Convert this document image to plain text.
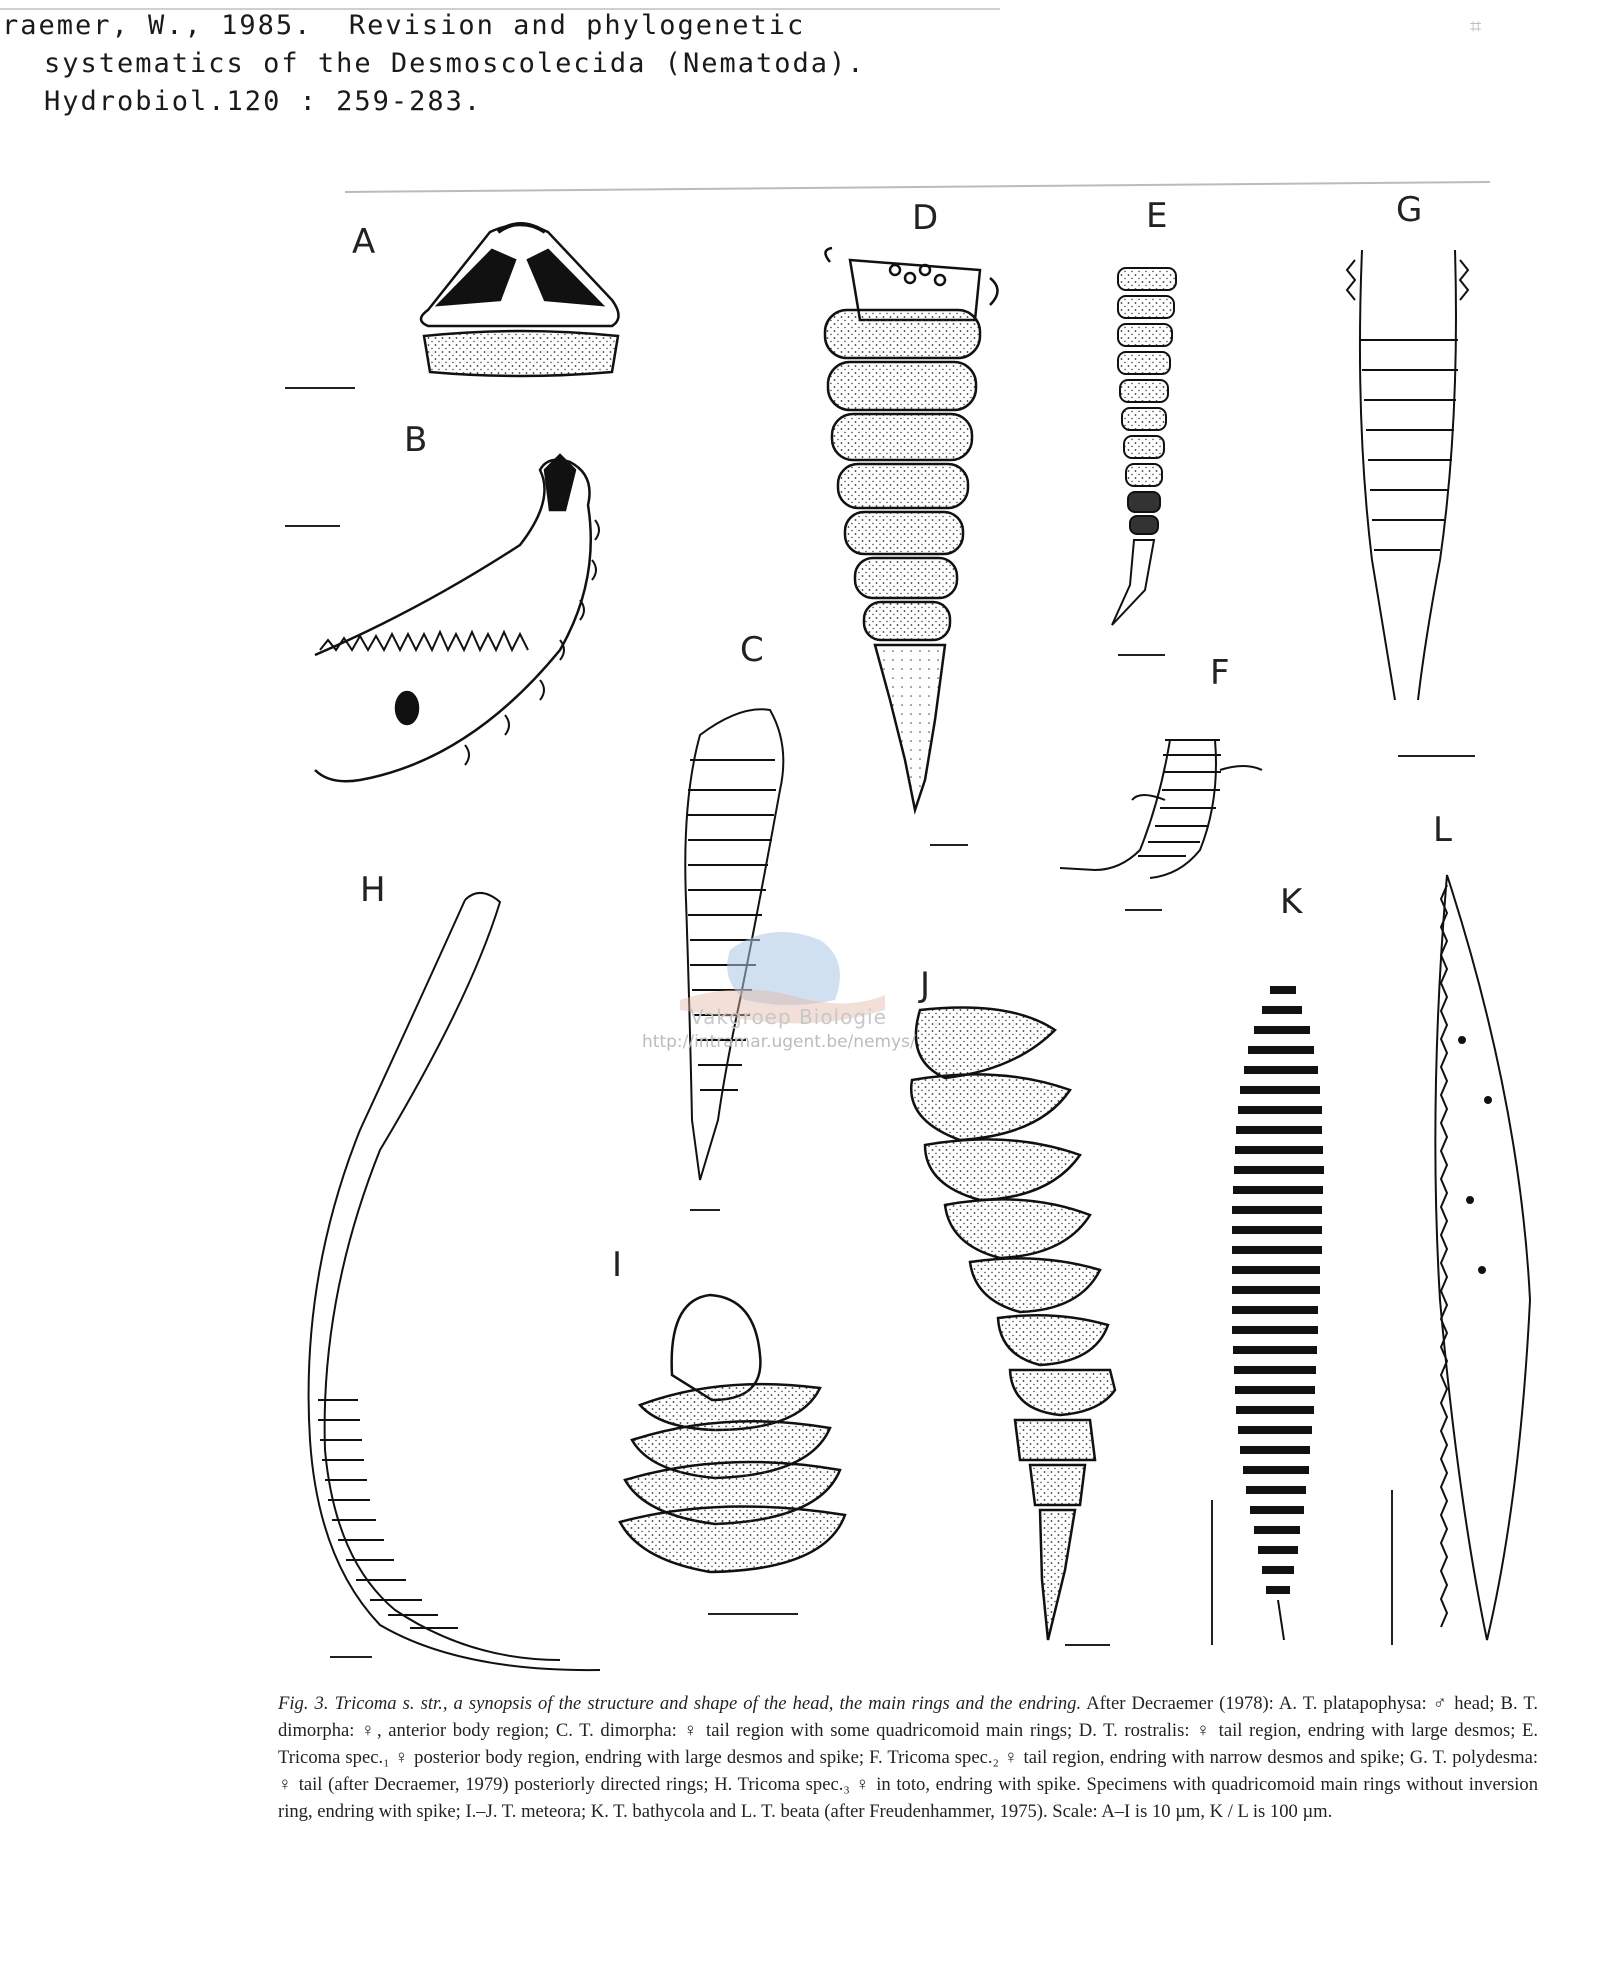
⌗
raemer, W., 1985.  Revision and phylogenetic
systematics of the Desmoscolecida (Nematoda).
Hydrobiol.120 : 259-283.
A
B
C
D	E
F
G
H
I
J
K
L
Vakgroep Biologie
http://intramar.ugent.be/nemys/
Fig. 3. Tricoma s. str., a synopsis of the structure and shape of the head, the main rings and the endring. After Decraemer (1978): A. T. platapophysa: ♂ head; B. T. dimorpha: ♀, anterior body region; C. T. dimorpha: ♀ tail region with some quadricomoid main rings; D. T. rostralis: ♀ tail region, endring with large desmos; E. Tricoma spec.₁ ♀ posterior body region, endring with large desmos and spike; F. Tricoma spec.₂ ♀ tail region, endring with narrow desmos and spike; G. T. polydesma: ♀ tail (after Decraemer, 1979) posteriorly directed rings; H. Tricoma spec.₃ ♀ in toto, endring with spike. Specimens with quadricomoid main rings without inversion ring, endring with spike; I.–J. T. meteora; K. T. bathycola and L. T. beata (after Freudenhammer, 1975). Scale: A–I is 10 µm, K / L is 100 µm.
